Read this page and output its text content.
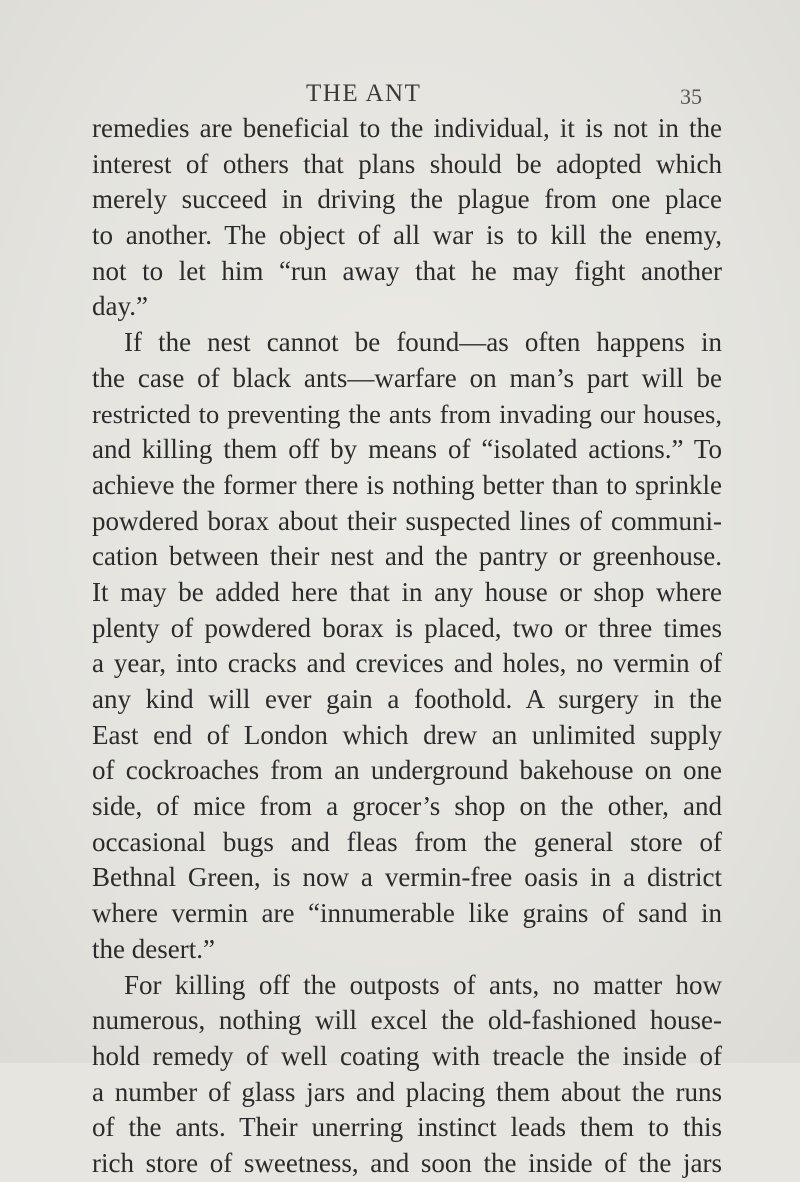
THE ANT	35
remedies are beneficial to the individual, it is not in the
interest of others that plans should be adopted which
merely succeed in driving the plague from one place
to another. The object of all war is to kill the enemy,
not to let him “run away that he may fight another
day.”
If the nest cannot be found—as often happens in
the case of black ants—warfare on man’s part will be
restricted to preventing the ants from invading our houses,
and killing them off by means of “isolated actions.” To
achieve the former there is nothing better than to sprinkle
powdered borax about their suspected lines of communi-
cation between their nest and the pantry or greenhouse.
It may be added here that in any house or shop where
plenty of powdered borax is placed, two or three times
a year, into cracks and crevices and holes, no vermin of
any kind will ever gain a foothold. A surgery in the
East end of London which drew an unlimited supply
of cockroaches from an underground bakehouse on one
side, of mice from a grocer’s shop on the other, and
occasional bugs and fleas from the general store of
Bethnal Green, is now a vermin-free oasis in a district
where vermin are “innumerable like grains of sand in
the desert.”
For killing off the outposts of ants, no matter how
numerous, nothing will excel the old-fashioned house-
hold remedy of well coating with treacle the inside of
a number of glass jars and placing them about the runs
of the ants. Their unerring instinct leads them to this
rich store of sweetness, and soon the inside of the jars
